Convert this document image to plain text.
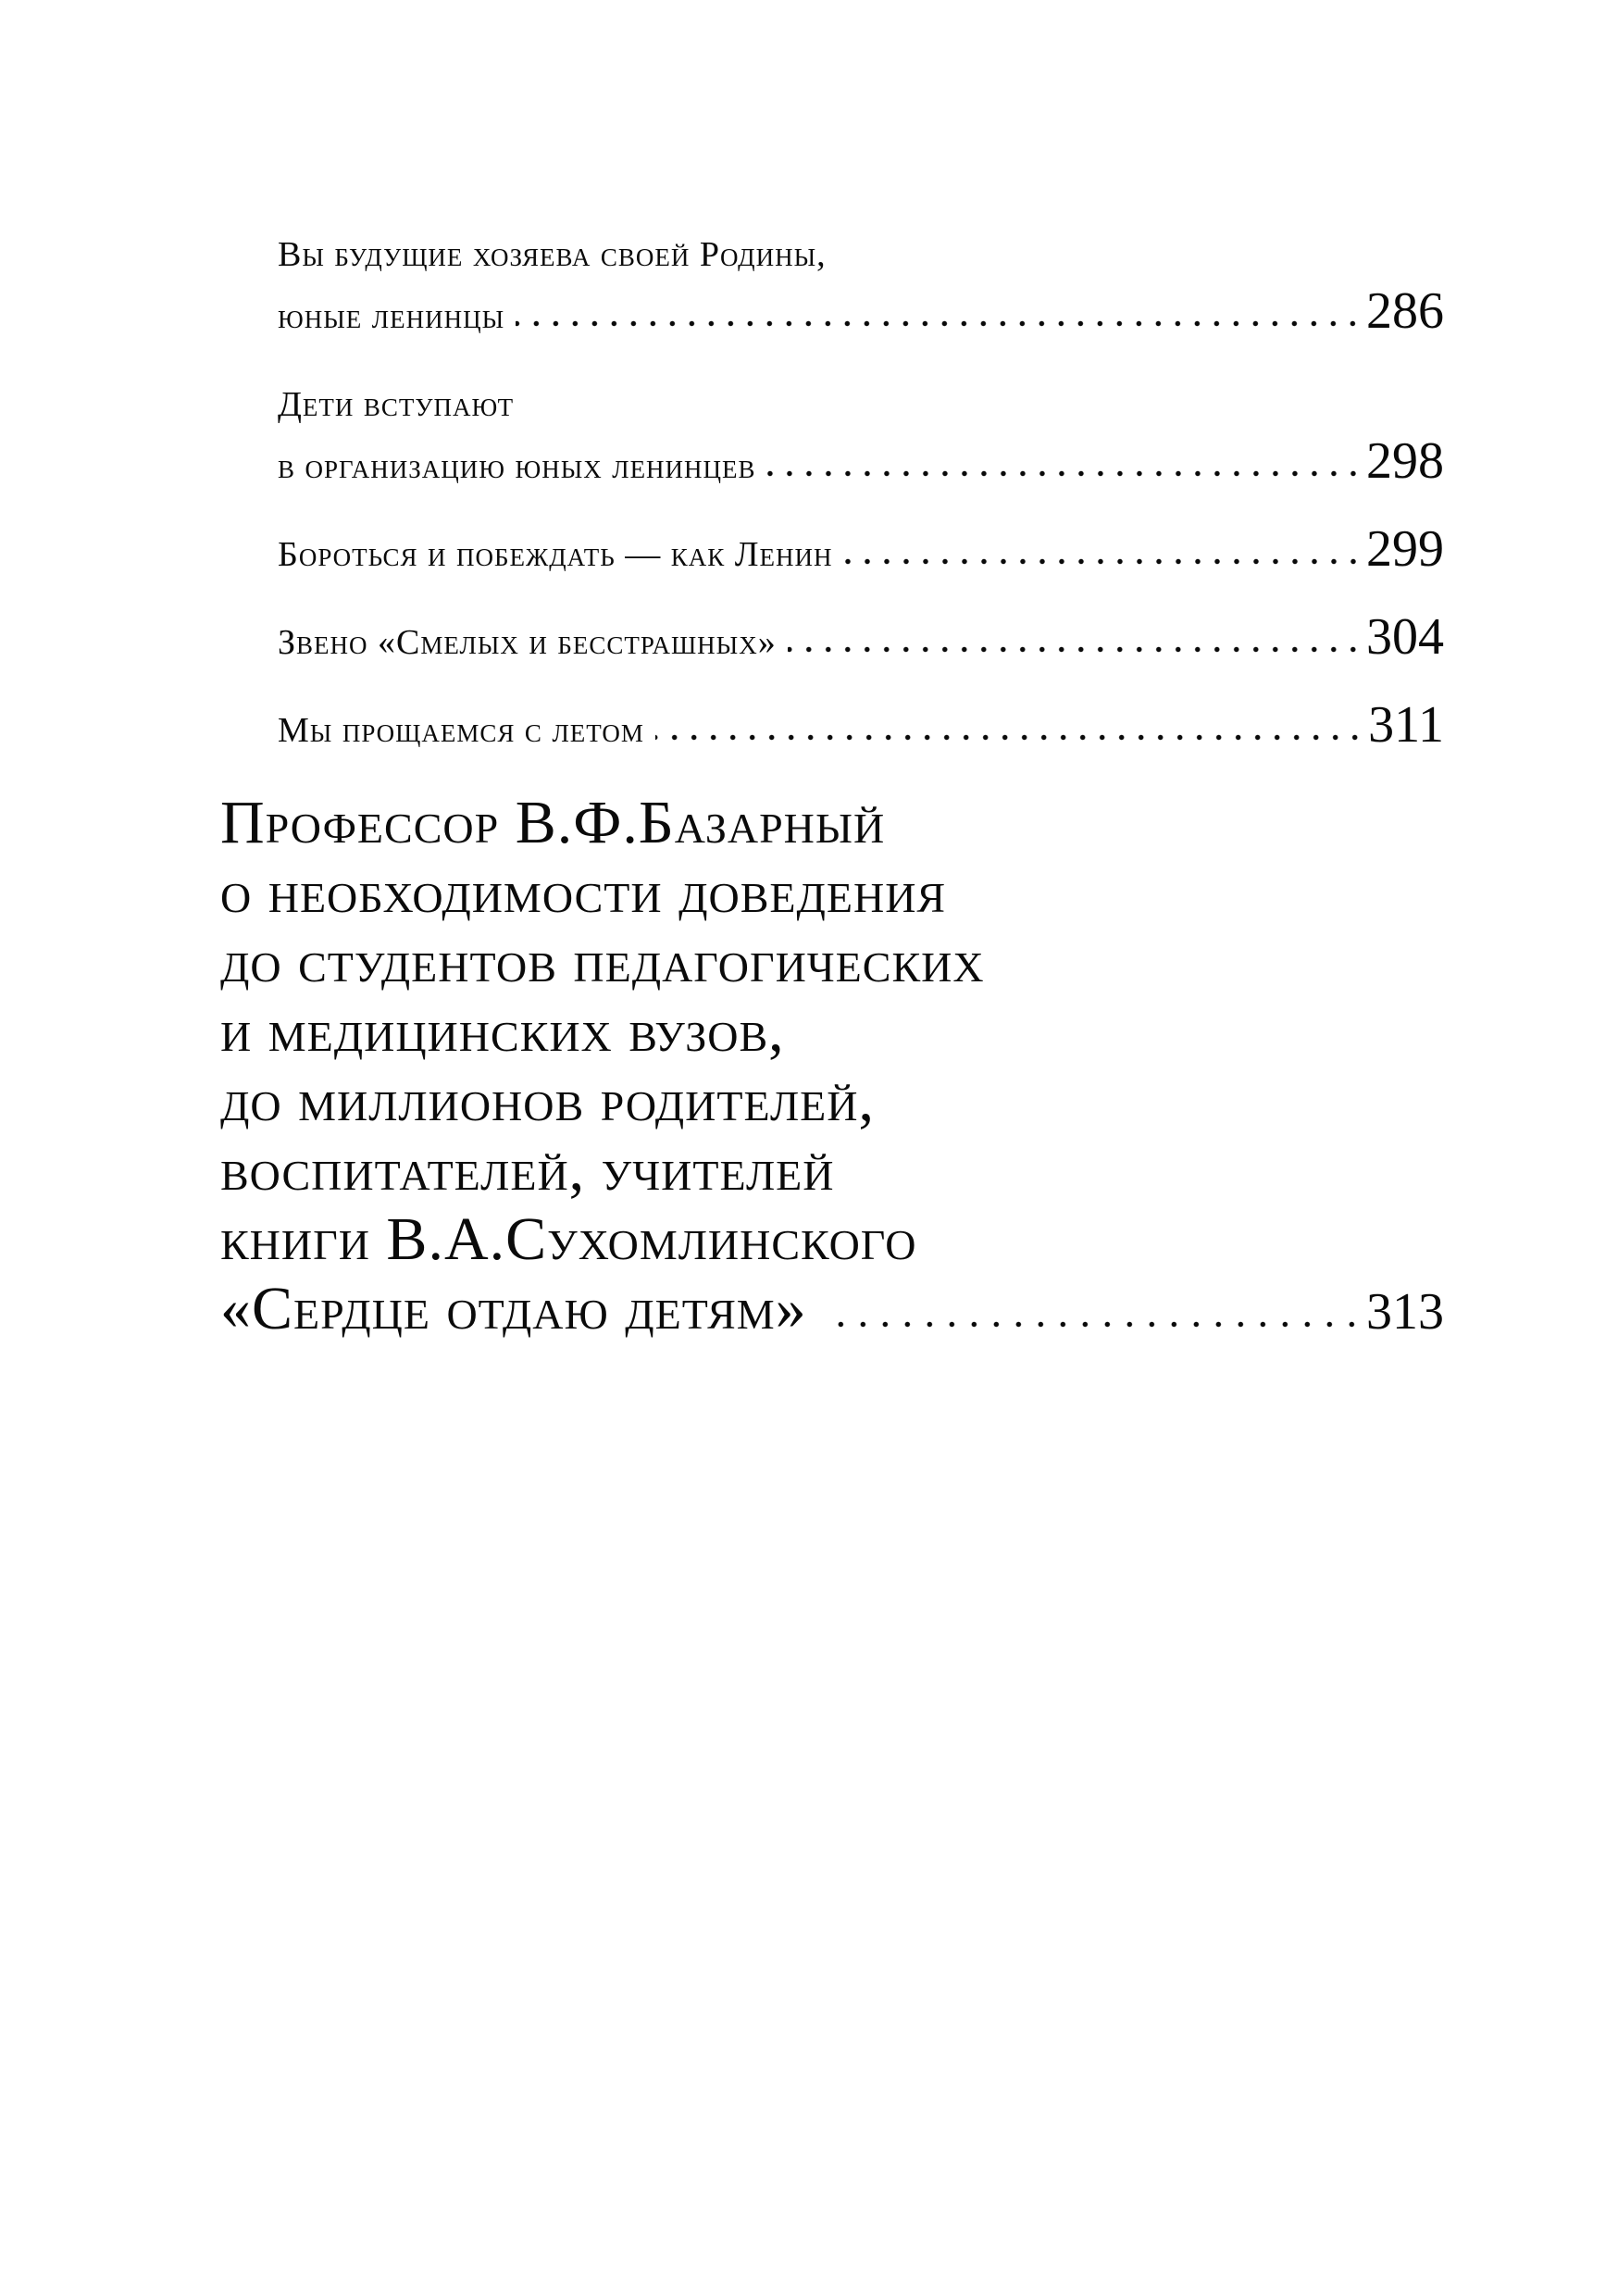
Вы будущие хозяева своей Родины,
юные ленинцы	286
Дети вступают
в организацию юных ленинцев	298
Бороться и побеждать — как Ленин	299
Звено «Смелых и бесстрашных»	304
Мы прощаемся с летом	311
Профессор В.Ф.Базарный
о необходимости доведения
до студентов педагогических
и медицинских вузов,
до миллионов родителей,
воспитателей, учителей
книги В.А.Сухомлинского
«Сердце отдаю детям»	313
